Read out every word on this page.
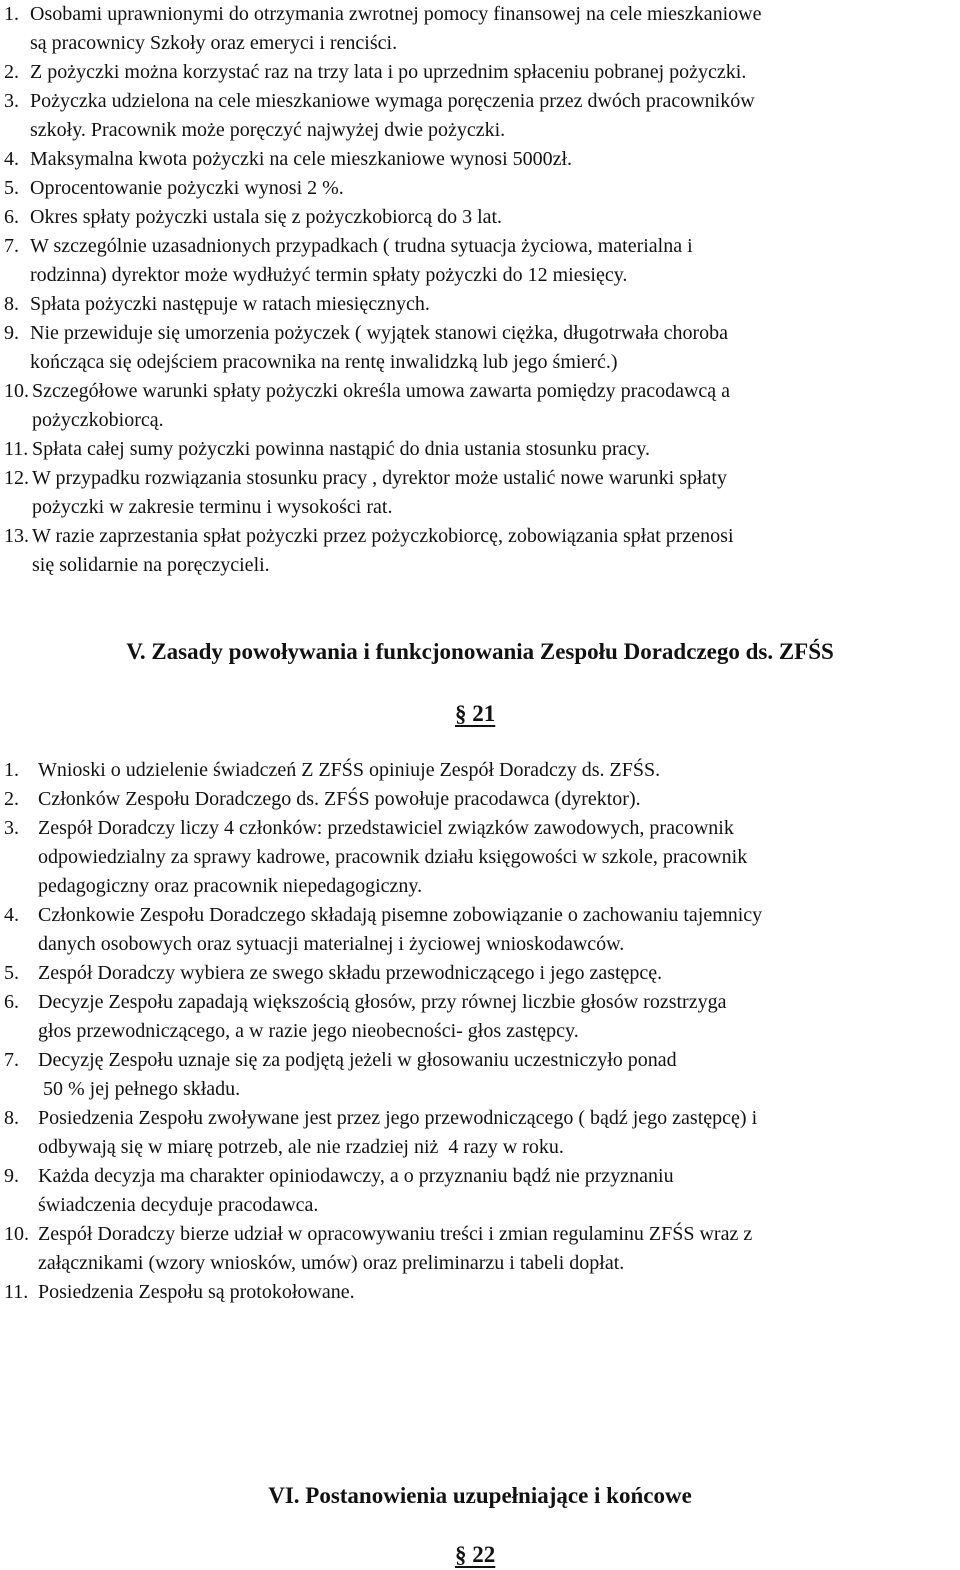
1. Osobami uprawnionymi do otrzymania zwrotnej pomocy finansowej na cele mieszkaniowe
są pracownicy Szkoły oraz emeryci i renciści.
2. Z pożyczki można korzystać raz na trzy lata i po uprzednim spłaceniu pobranej pożyczki.
3. Pożyczka udzielona na cele mieszkaniowe wymaga poręczenia przez dwóch pracowników
szkoły. Pracownik może poręczyć najwyżej dwie pożyczki.
4. Maksymalna kwota pożyczki na cele mieszkaniowe wynosi 5000zł.
5. Oprocentowanie pożyczki wynosi 2 %.
6. Okres spłaty pożyczki ustala się z pożyczkobiorcą do 3 lat.
7. W szczególnie uzasadnionych przypadkach ( trudna sytuacja życiowa, materialna i
rodzinna) dyrektor może wydłużyć termin spłaty pożyczki do 12 miesięcy.
8. Spłata pożyczki następuje w ratach miesięcznych.
9. Nie przewiduje się umorzenia pożyczek ( wyjątek stanowi ciężka, długotrwała choroba
kończąca się odejściem pracownika na rentę inwalidzką lub jego śmierć.)
10. Szczegółowe warunki spłaty pożyczki określa umowa zawarta pomiędzy pracodawcą a
pożyczkobiorcą.
11. Spłata całej sumy pożyczki powinna nastąpić do dnia ustania stosunku pracy.
12. W przypadku rozwiązania stosunku pracy , dyrektor może ustalić nowe warunki spłaty
pożyczki w zakresie terminu i wysokości rat.
13. W razie zaprzestania spłat pożyczki przez pożyczkobiorcę, zobowiązania spłat przenosi
się solidarnie na poręczycieli.
V. Zasady powoływania i funkcjonowania Zespołu Doradczego ds. ZFŚS
§ 21
1. Wnioski o udzielenie świadczeń Z ZFŚS opiniuje Zespół Doradczy ds. ZFŚS.
2. Członków Zespołu Doradczego ds. ZFŚS powołuje pracodawca (dyrektor).
3. Zespół Doradczy liczy 4 członków: przedstawiciel związków zawodowych, pracownik
odpowiedzialny za sprawy kadrowe, pracownik działu księgowości w szkole, pracownik
pedagogiczny oraz pracownik niepedagogiczny.
4. Członkowie Zespołu Doradczego składają pisemne zobowiązanie o zachowaniu tajemnicy
danych osobowych oraz sytuacji materialnej i życiowej wnioskodawców.
5. Zespół Doradczy wybiera ze swego składu przewodniczącego i jego zastępcę.
6. Decyzje Zespołu zapadają większością głosów, przy równej liczbie głosów rozstrzyga
głos przewodniczącego, a w razie jego nieobecności- głos zastępcy.
7. Decyzję Zespołu uznaje się za podjętą jeżeli w głosowaniu uczestniczyło ponad
50 % jej pełnego składu.
8. Posiedzenia Zespołu zwoływane jest przez jego przewodniczącego ( bądź jego zastępcę) i
odbywają się w miarę potrzeb, ale nie rzadziej niż  4 razy w roku.
9. Każda decyzja ma charakter opiniodawczy, a o przyznaniu bądź nie przyznaniu
świadczenia decyduje pracodawca.
10. Zespół Doradczy bierze udział w opracowywaniu treści i zmian regulaminu ZFŚS wraz z
załącznikami (wzory wniosków, umów) oraz preliminarzu i tabeli dopłat.
11. Posiedzenia Zespołu są protokołowane.
VI. Postanowienia uzupełniające i końcowe
§ 22
